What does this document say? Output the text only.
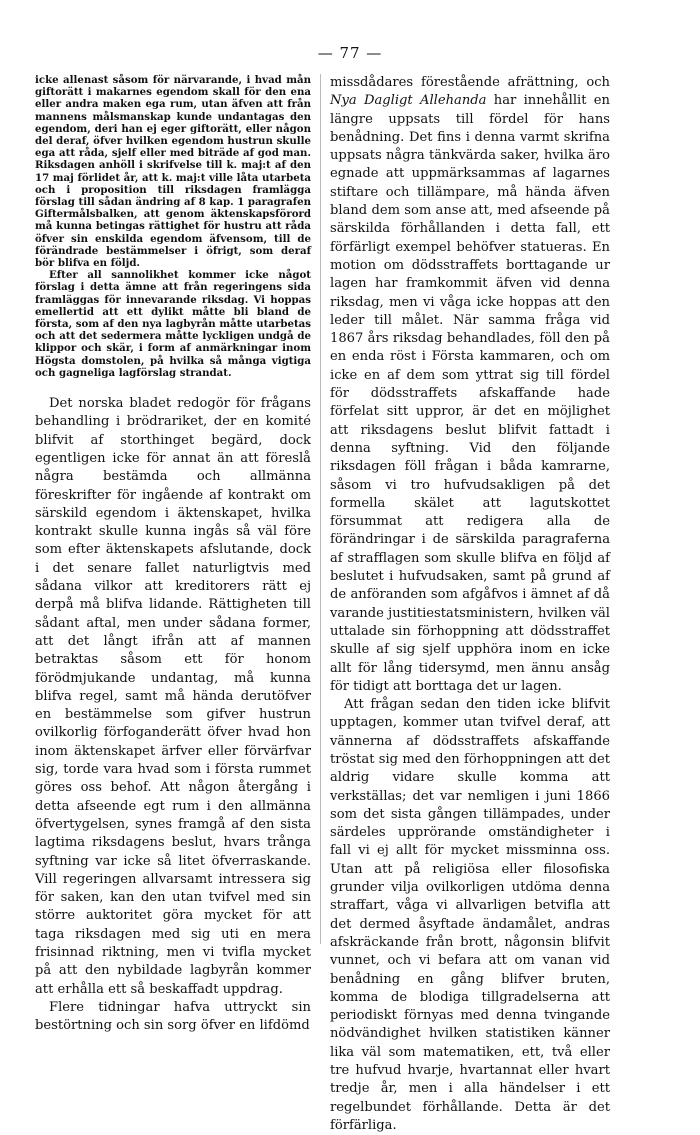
— 77 —

icke allenast såsom för närvarande, i hvad mån giftorätt i makarnes egendom skall för den ena eller andra maken ega rum, utan äfven att från mannens målsmanskap kunde undantagas den egendom, deri han ej eger giftorätt, eller någon del deraf, öfver hvilken egendom hustrun skulle ega att råda, sjelf eller med biträde af god man. Riksdagen anhöll i skrifvelse till k. maj:t af den 17 maj förlidet år, att k. maj:t ville låta utarbeta och i proposition till riksdagen framlägga förslag till sådan ändring af 8 kap. 1 paragrafen Giftermålsbalken, att genom äktenskapsförord må kunna betingas rättighet för hustru att råda öfver sin enskilda egendom äfvensom, till de förändrade bestämmelser i öfrigt, som deraf bör blifva en följd.

Efter all sannolikhet kommer icke något förslag i detta ämne att från regeringens sida framläggas för innevarande riksdag. Vi hoppas emellertid att ett dylikt måtte bli bland de första, som af den nya lagbyrån måtte utarbetas och att det sedermera måtte lyckligen undgå de klippor och skär, i form af anmärkningar inom Högsta domstolen, på hvilka så många vigtiga och gagneliga lagförslag strandat.

Det norska bladet redogör för frågans behandling i brödrariket, der en komité blifvit af storthinget begärd, dock egentligen icke för annat än att föreslå några bestämda och allmänna föreskrifter för ingående af kontrakt om särskild egendom i äktenskapet, hvilka kontrakt skulle kunna ingås så väl före som efter äktenskapets afslutande, dock i det senare fallet naturligtvis med sådana vilkor att kreditorers rätt ej derpå må blifva lidande. Rättigheten till sådant aftal, men under sådana former, att det långt ifrån att af mannen betraktas såsom ett för honom förödmjukande undantag, må kunna blifva regel, samt må hända derutöfver en bestämmelse som gifver hustrun ovilkorlig förfoganderätt öfver hvad hon inom äktenskapet ärfver eller förvärfvar sig, torde vara hvad som i första rummet göres oss behof. Att någon återgång i detta afseende egt rum i den allmänna öfvertygelsen, synes framgå af den sista lagtima riksdagens beslut, hvars trånga syftning var icke så litet öfverraskande. Vill regeringen allvarsamt intressera sig för saken, kan den utan tvifvel med sin större auktoritet göra mycket för att taga riksdagen med sig uti en mera frisinnad riktning, men vi tvifla mycket på att den nybildade lagbyrån kommer att erhålla ett så beskaffadt uppdrag.

Flere tidningar hafva uttryckt sin bestörtning och sin sorg öfver en lifdömd

missdådares förestående afrättning, och Nya Dagligt Allehanda har innehållit en längre uppsats till fördel för hans benådning. Det fins i denna varmt skrifna uppsats några tänkvärda saker, hvilka äro egnade att uppmärksammas af lagarnes stiftare och tillämpare, må hända äfven bland dem som anse att, med afseende på särskilda förhållanden i detta fall, ett förfärligt exempel behöfver statueras. En motion om dödsstraffets borttagande ur lagen har framkommit äfven vid denna riksdag, men vi våga icke hoppas att den leder till målet. När samma fråga vid 1867 års riksdag behandlades, föll den på en enda röst i Första kammaren, och om icke en af dem som yttrat sig till fördel för dödsstraffets afskaffande hade förfelat sitt uppror, är det en möjlighet att riksdagens beslut blifvit fattadt i denna syftning. Vid den följande riksdagen föll frågan i båda kamrarne, såsom vi tro hufvudsakligen på det formella skälet att lagutskottet försummat att redigera alla de förändringar i de särskilda paragraferna af strafflagen som skulle blifva en följd af beslutet i hufvudsaken, samt på grund af de anföranden som afgåfvos i ämnet af då varande justitiestatsministern, hvilken väl uttalade sin förhoppning att dödsstraffet skulle af sig sjelf upphöra inom en icke allt för lång tidersymd, men ännu ansåg för tidigt att borttaga det ur lagen.

Att frågan sedan den tiden icke blifvit upptagen, kommer utan tvifvel deraf, att vännerna af dödsstraffets afskaffande tröstat sig med den förhoppningen att det aldrig vidare skulle komma att verkställas; det var nemligen i juni 1866 som det sista gången tillämpades, under särdeles upprörande omständigheter i fall vi ej allt för mycket missminna oss. Utan att på religiösa eller filosofiska grunder vilja ovilkorligen utdöma denna straffart, våga vi allvarligen betvifla att det dermed åsyftade ändamålet, andras afskräckande från brott, någonsin blifvit vunnet, och vi befara att om vanan vid benådning en gång blifver bruten, komma de blodiga tillgradelserna att periodiskt förnyas med denna tvingande nödvändighet hvilken statistiken känner lika väl som matematiken, ett, två eller tre hufvud hvarje, hvartannat eller hvart tredje år, men i alla händelser i ett regelbundet förhållande. Detta är det förfärliga.
